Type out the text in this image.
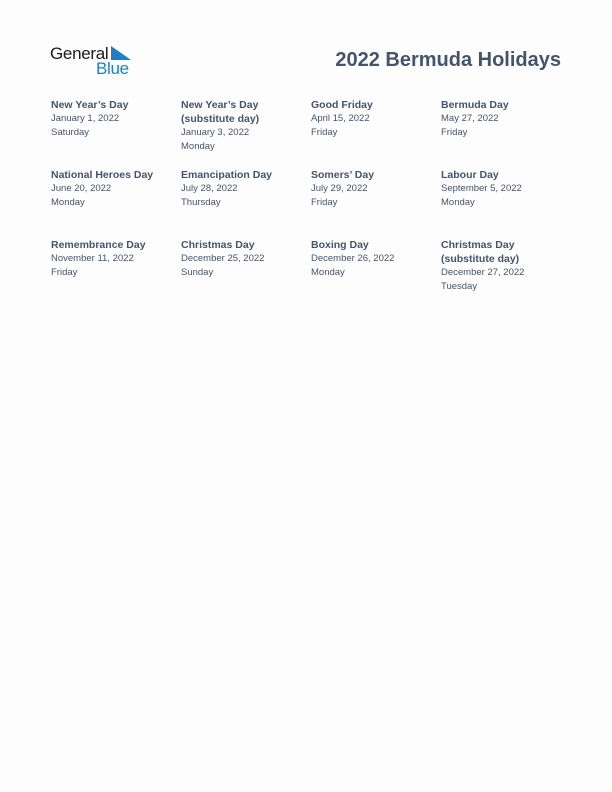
General
Blue	2022 Bermuda Holidays
New Year’s Day
January 1, 2022
Saturday
New Year’s Day
(substitute day)
January 3, 2022
Monday
Good Friday
April 15, 2022
Friday
Bermuda Day
May 27, 2022
Friday
National Heroes Day
June 20, 2022
Monday
Emancipation Day
July 28, 2022
Thursday
Somers’ Day
July 29, 2022
Friday
Labour Day
September 5, 2022
Monday
Remembrance Day
November 11, 2022
Friday
Christmas Day
December 25, 2022
Sunday
Boxing Day
December 26, 2022
Monday
Christmas Day
(substitute day)
December 27, 2022
Tuesday
